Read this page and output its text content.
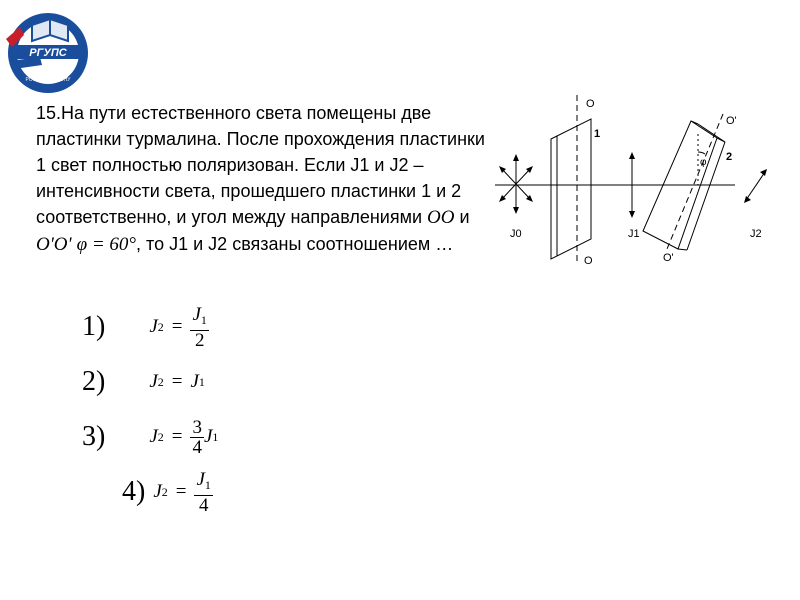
РГУПС
РОСТОВ-НА-ДОНУ

15.На пути естественного света помещены две пластинки турмалина. После прохождения пластинки 1 свет полностью поляризован. Если J1 и J2 – интенсивности света, прошедшего пластинки 1 и 2 соответственно, и угол между направлениями OO и O'O' φ = 60°, то J1 и J2 связаны соотношением …

O
O
O'
O'
1
2
φ
J0	J1	J2
1) J $2 = \frac{J_1}{2}$
2) J 2 = J 1
3) J $2 = \frac{3}{4}$ J 1
4) J $2 = \frac{J_1}{4}$
